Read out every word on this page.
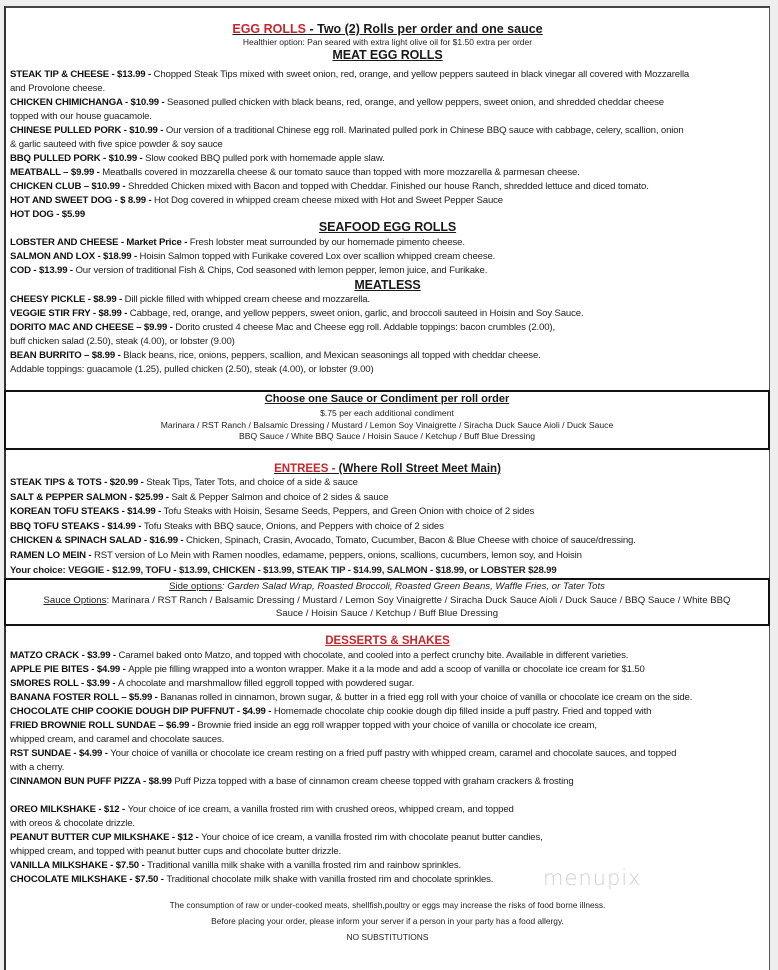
EGG ROLLS - Two (2) Rolls per order and one sauce
Healthier option: Pan seared with extra light olive oil for $1.50 extra per order
MEAT EGG ROLLS
STEAK TIP & CHEESE - $13.99 - Chopped Steak Tips mixed with sweet onion, red, orange, and yellow peppers sauteed in black vinegar all covered with Mozzarella
and Provolone cheese.
CHICKEN CHIMICHANGA - $10.99 - Seasoned pulled chicken with black beans, red, orange, and yellow peppers, sweet onion, and shredded cheddar cheese
topped with our house guacamole.
CHINESE PULLED PORK - $10.99 - Our version of a traditional Chinese egg roll. Marinated pulled pork in Chinese BBQ sauce with cabbage, celery, scallion, onion
& garlic sauteed with five spice powder & soy sauce
BBQ PULLED PORK - $10.99 - Slow cooked BBQ pulled pork with homemade apple slaw.
MEATBALL – $9.99 - Meatballs covered in mozzarella cheese & our tomato sauce than topped with more mozzarella & parmesan cheese.
CHICKEN CLUB – $10.99 - Shredded Chicken mixed with Bacon and topped with Cheddar. Finished our house Ranch, shredded lettuce and diced tomato.
HOT AND SWEET DOG - $ 8.99 - Hot Dog covered in whipped cream cheese mixed with Hot and Sweet Pepper Sauce
HOT DOG - $5.99
SEAFOOD EGG ROLLS
LOBSTER AND CHEESE - Market Price - Fresh lobster meat surrounded by our homemade pimento cheese.
SALMON AND LOX - $18.99 - Hoisin Salmon topped with Furikake covered Lox over scallion whipped cream cheese.
COD - $13.99 - Our version of traditional Fish & Chips, Cod seasoned with lemon pepper, lemon juice, and Furikake.
MEATLESS
CHEESY PICKLE - $8.99 - Dill pickle filled with whipped cream cheese and mozzarella.
VEGGIE STIR FRY - $8.99 - Cabbage, red, orange, and yellow peppers, sweet onion, garlic, and broccoli sauteed in Hoisin and Soy Sauce.
DORITO MAC AND CHEESE – $9.99 - Dorito crusted 4 cheese Mac and Cheese egg roll. Addable toppings: bacon crumbles (2.00),
buff chicken salad (2.50), steak (4.00), or lobster (9.00)
BEAN BURRITO – $8.99 - Black beans, rice, onions, peppers, scallion, and Mexican seasonings all topped with cheddar cheese.
Addable toppings: guacamole (1.25), pulled chicken (2.50), steak (4.00), or lobster (9.00)
Choose one Sauce or Condiment per roll order
$.75 per each additional condiment
Marinara / RST Ranch / Balsamic Dressing / Mustard / Lemon Soy Vinaigrette / Siracha Duck Sauce Aioli / Duck Sauce
BBQ Sauce / White BBQ Sauce / Hoisin Sauce / Ketchup / Buff Blue Dressing
ENTREES - (Where Roll Street Meet Main)
STEAK TIPS & TOTS - $20.99 - Steak Tips, Tater Tots, and choice of a side & sauce
SALT & PEPPER SALMON - $25.99 - Salt & Pepper Salmon and choice of 2 sides & sauce
KOREAN TOFU STEAKS - $14.99 - Tofu Steaks with Hoisin, Sesame Seeds, Peppers, and Green Onion with choice of 2 sides
BBQ TOFU STEAKS - $14.99 - Tofu Steaks with BBQ sauce, Onions, and Peppers with choice of 2 sides
CHICKEN & SPINACH SALAD - $16.99 - Chicken, Spinach, Crasin, Avocado, Tomato, Cucumber, Bacon & Blue Cheese with choice of sauce/dressing.
RAMEN LO MEIN - RST version of Lo Mein with Ramen noodles, edamame, peppers, onions, scallions, cucumbers, lemon soy, and Hoisin
Your choice: VEGGIE - $12.99, TOFU - $13.99, CHICKEN - $13.99, STEAK TIP - $14.99, SALMON - $18.99, or LOBSTER $28.99
Side options: Garden Salad Wrap, Roasted Broccoli, Roasted Green Beans, Waffle Fries, or Tater Tots
Sauce Options: Marinara / RST Ranch / Balsamic Dressing / Mustard / Lemon Soy Vinaigrette / Siracha Duck Sauce Aioli / Duck Sauce / BBQ Sauce / White BBQ
Sauce / Hoisin Sauce / Ketchup / Buff Blue Dressing
DESSERTS & SHAKES
MATZO CRACK - $3.99 - Caramel baked onto Matzo, and topped with chocolate, and cooled into a perfect crunchy bite. Available in different varieties.
APPLE PIE BITES - $4.99 - Apple pie filling wrapped into a wonton wrapper. Make it a la mode and add a scoop of vanilla or chocolate ice cream for $1.50
SMORES ROLL - $3.99 - A chocolate and marshmallow filled eggroll topped with powdered sugar.
BANANA FOSTER ROLL – $5.99 - Bananas rolled in cinnamon, brown sugar, & butter in a fried egg roll with your choice of vanilla or chocolate ice cream on the side.
CHOCOLATE CHIP COOKIE DOUGH DIP PUFFNUT - $4.99 - Homemade chocolate chip cookie dough dip filled inside a puff pastry. Fried and topped with
FRIED BROWNIE ROLL SUNDAE – $6.99 - Brownie fried inside an egg roll wrapper topped with your choice of vanilla or chocolate ice cream,
whipped cream, and caramel and chocolate sauces.
RST SUNDAE - $4.99 - Your choice of vanilla or chocolate ice cream resting on a fried puff pastry with whipped cream, caramel and chocolate sauces, and topped
with a cherry.
CINNAMON BUN PUFF PIZZA - $8.99 Puff Pizza topped with a base of cinnamon cream cheese topped with graham crackers & frosting
OREO MILKSHAKE - $12 - Your choice of ice cream, a vanilla frosted rim with crushed oreos, whipped cream, and topped
with oreos & chocolate drizzle.
PEANUT BUTTER CUP MILKSHAKE - $12 - Your choice of ice cream, a vanilla frosted rim with chocolate peanut butter candies,
whipped cream, and topped with peanut butter cups and chocolate butter drizzle.
VANILLA MILKSHAKE - $7.50 - Traditional vanilla milk shake with a vanilla frosted rim and rainbow sprinkles.
CHOCOLATE MILKSHAKE - $7.50 - Traditional chocolate milk shake with vanilla frosted rim and chocolate sprinkles.
The consumption of raw or under-cooked meats, shellfish,poultry or eggs may increase the risks of food borne illness.
Before placing your order, please inform your server if a person in your party has a food allergy.
NO SUBSTITUTIONS
menupix
